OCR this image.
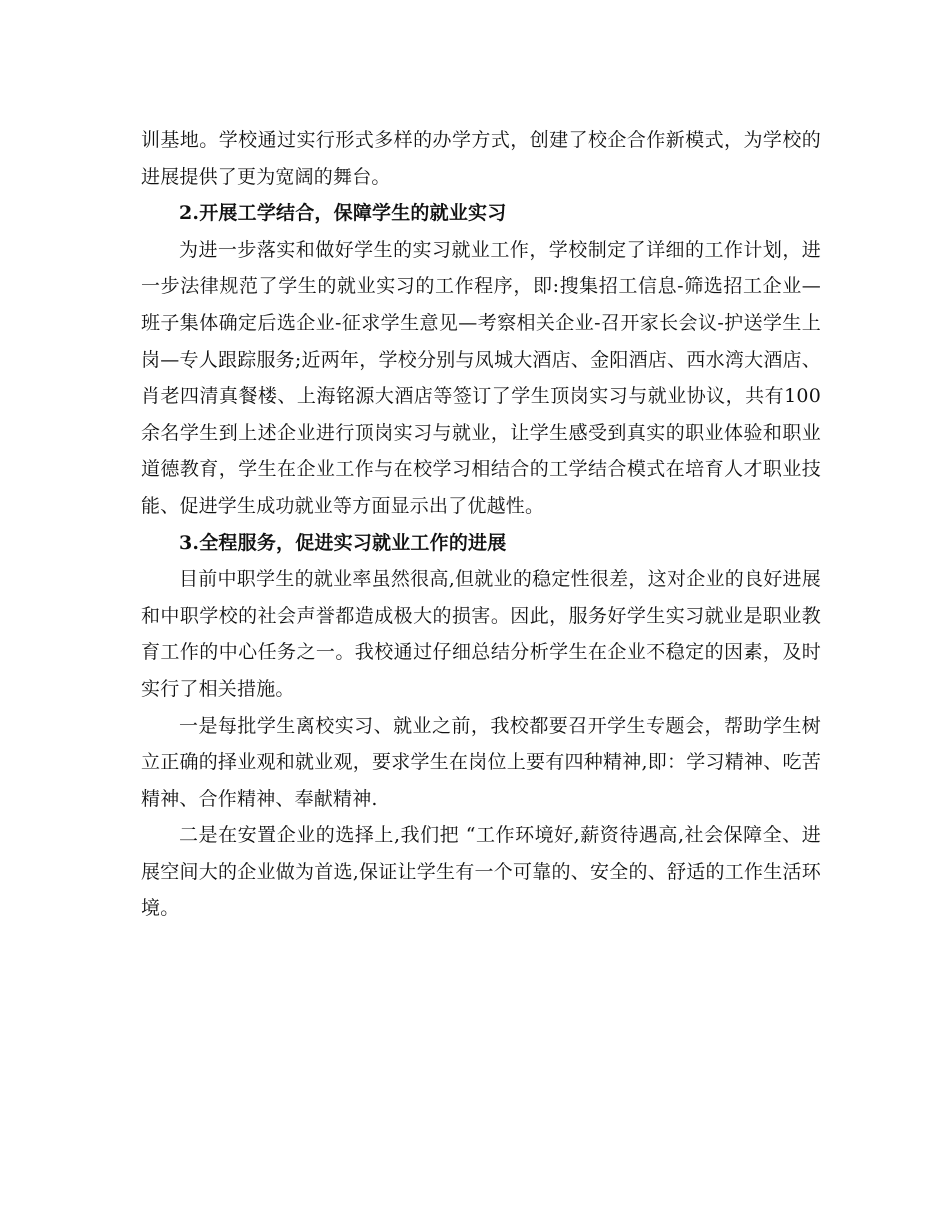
训基地。学校通过实行形式多样的办学方式，创建了校企合作新模式，为学校的进展提供了更为宽阔的舞台。

2.开展工学结合，保障学生的就业实习

为进一步落实和做好学生的实习就业工作，学校制定了详细的工作计划，进一步法律规范了学生的就业实习的工作程序，即:搜集招工信息-筛选招工企业—班子集体确定后选企业-征求学生意见—考察相关企业-召开家长会议-护送学生上岗—专人跟踪服务;近两年，学校分别与凤城大酒店、金阳酒店、西水湾大酒店、肖老四清真餐楼、上海铭源大酒店等签订了学生顶岗实习与就业协议，共有100余名学生到上述企业进行顶岗实习与就业，让学生感受到真实的职业体验和职业道德教育，学生在企业工作与在校学习相结合的工学结合模式在培育人才职业技能、促进学生成功就业等方面显示出了优越性。

3.全程服务，促进实习就业工作的进展

目前中职学生的就业率虽然很高,但就业的稳定性很差，这对企业的良好进展和中职学校的社会声誉都造成极大的损害。因此，服务好学生实习就业是职业教育工作的中心任务之一。我校通过仔细总结分析学生在企业不稳定的因素，及时实行了相关措施。

一是每批学生离校实习、就业之前，我校都要召开学生专题会，帮助学生树立正确的择业观和就业观，要求学生在岗位上要有四种精神,即：学习精神、吃苦精神、合作精神、奉献精神.

二是在安置企业的选择上,我们把 “工作环境好,薪资待遇高,社会保障全、进展空间大的企业做为首选,保证让学生有一个可靠的、安全的、舒适的工作生活环境。
